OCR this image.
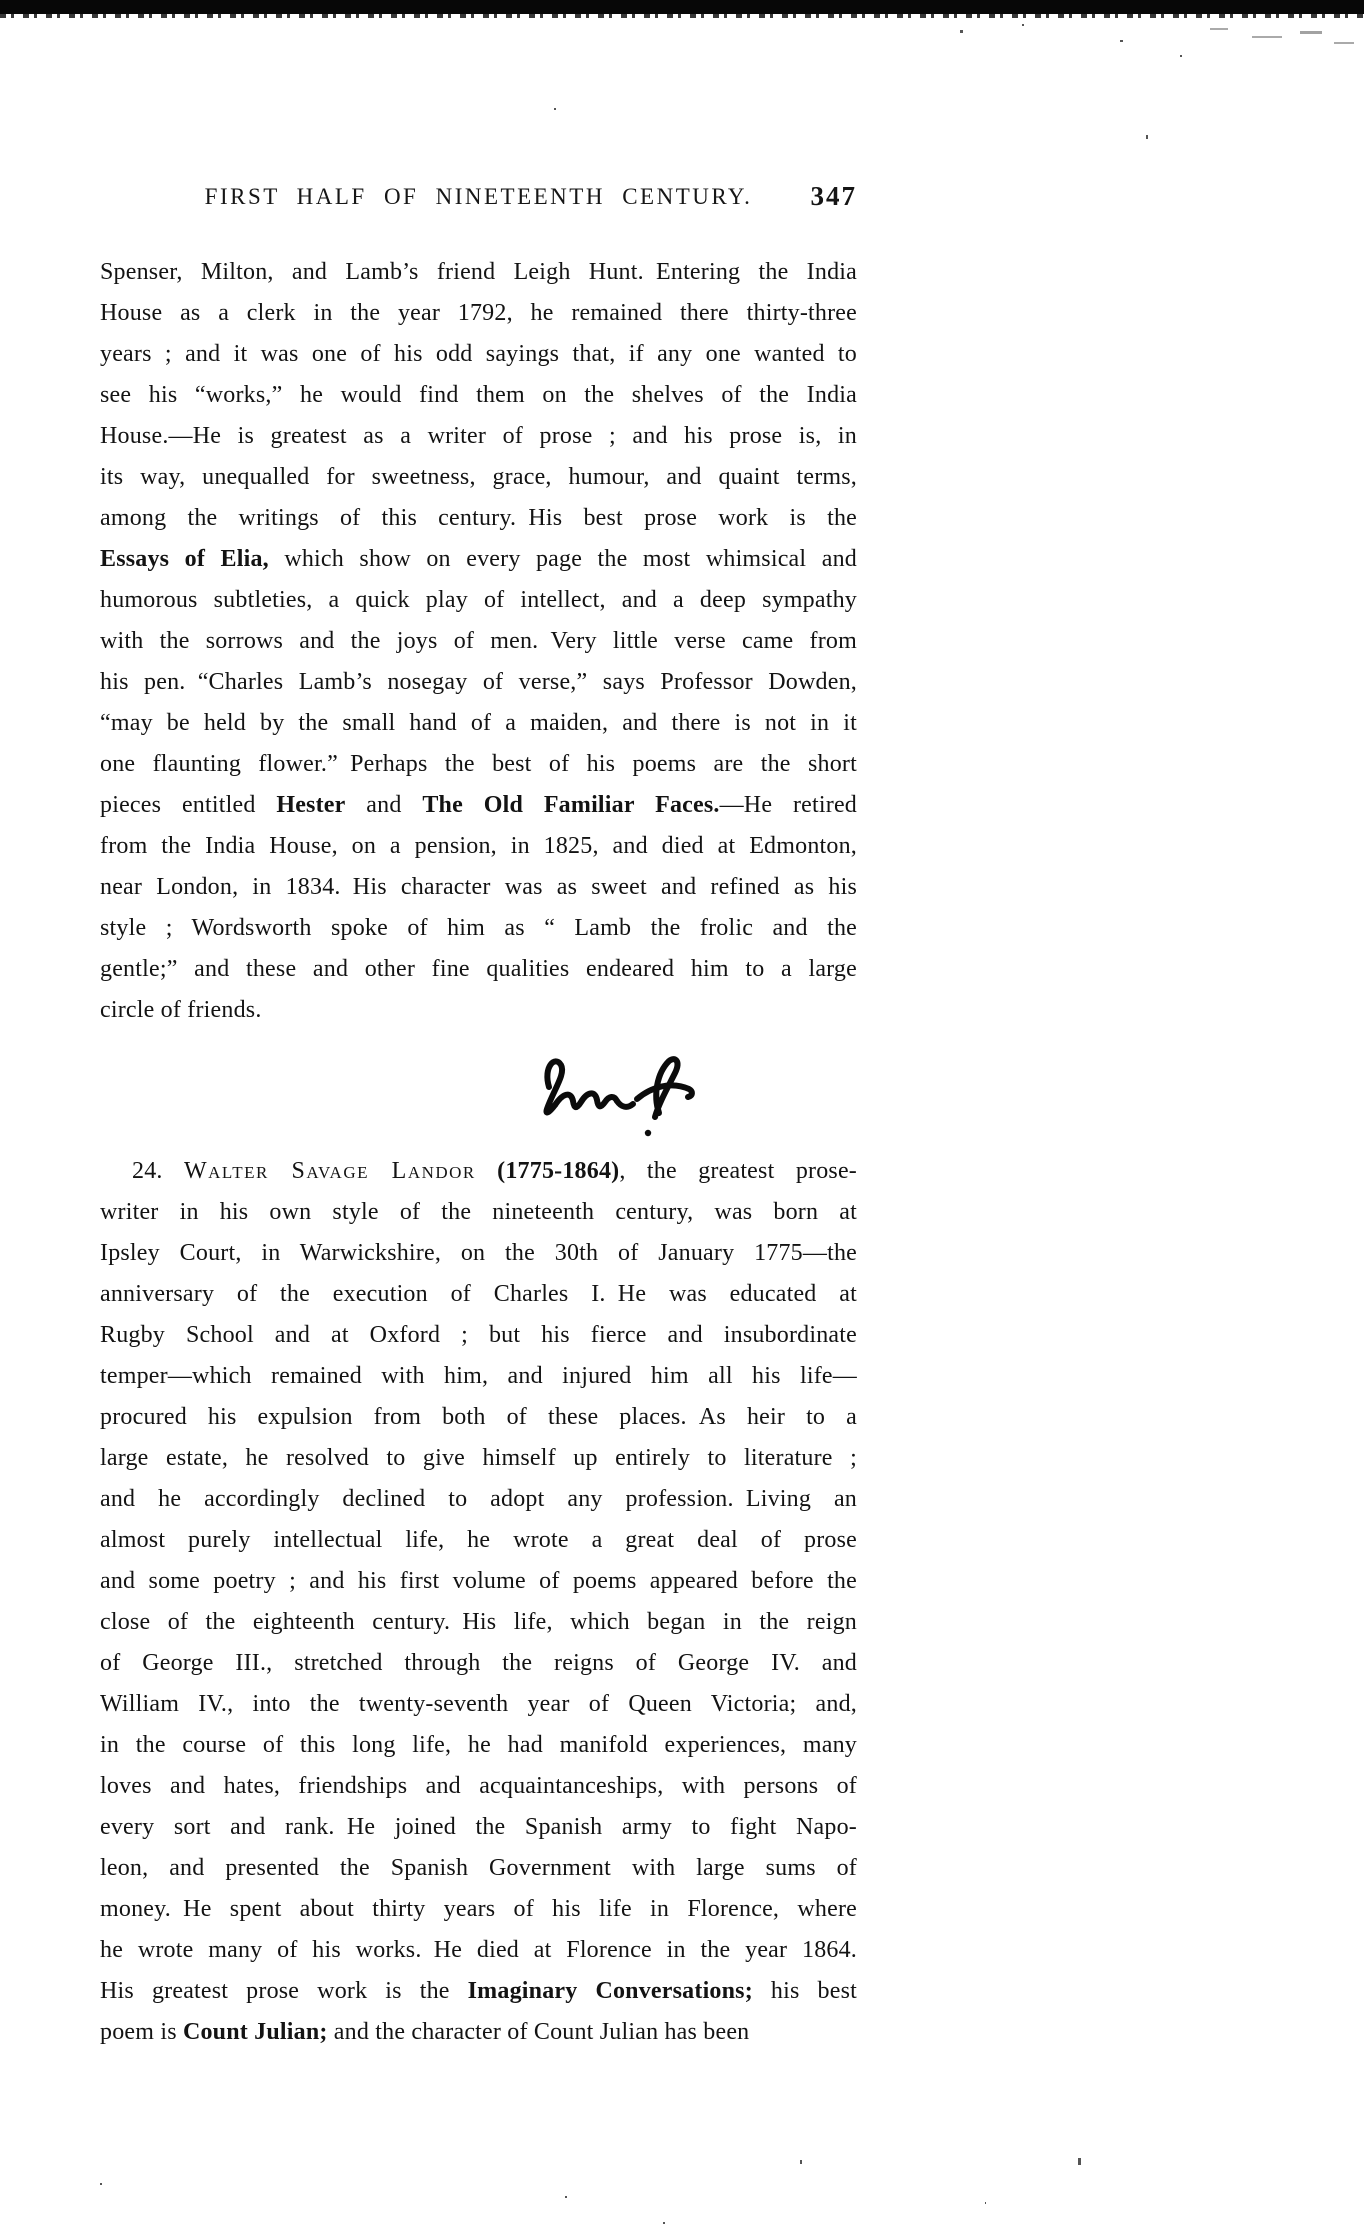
FIRST HALF OF NINETEENTH CENTURY. 347
Spenser, Milton, and Lamb’s friend Leigh Hunt. Entering the India
House as a clerk in the year 1792, he remained there thirty-three
years ; and it was one of his odd sayings that, if any one wanted to
see his “works,” he would find them on the shelves of the India
House.—He is greatest as a writer of prose ; and his prose is, in
its way, unequalled for sweetness, grace, humour, and quaint terms,
among the writings of this century. His best prose work is the
Essays of Elia, which show on every page the most whimsical and
humorous subtleties, a quick play of intellect, and a deep sympathy
with the sorrows and the joys of men. Very little verse came from
his pen. “Charles Lamb’s nosegay of verse,” says Professor Dowden,
“may be held by the small hand of a maiden, and there is not in it
one flaunting flower.” Perhaps the best of his poems are the short
pieces entitled Hester and The Old Familiar Faces.—He retired
from the India House, on a pension, in 1825, and died at Edmonton,
near London, in 1834. His character was as sweet and refined as his
style ; Wordsworth spoke of him as “ Lamb the frolic and the
gentle;” and these and other fine qualities endeared him to a large
circle of friends.
24. Walter Savage Landor (1775-1864), the greatest prose-
writer in his own style of the nineteenth century, was born at
Ipsley Court, in Warwickshire, on the 30th of January 1775—the
anniversary of the execution of Charles I. He was educated at
Rugby School and at Oxford ; but his fierce and insubordinate
temper—which remained with him, and injured him all his life—
procured his expulsion from both of these places. As heir to a
large estate, he resolved to give himself up entirely to literature ;
and he accordingly declined to adopt any profession. Living an
almost purely intellectual life, he wrote a great deal of prose
and some poetry ; and his first volume of poems appeared before the
close of the eighteenth century. His life, which began in the reign
of George III., stretched through the reigns of George IV. and
William IV., into the twenty-seventh year of Queen Victoria; and,
in the course of this long life, he had manifold experiences, many
loves and hates, friendships and acquaintanceships, with persons of
every sort and rank. He joined the Spanish army to fight Napo-
leon, and presented the Spanish Government with large sums of
money. He spent about thirty years of his life in Florence, where
he wrote many of his works. He died at Florence in the year 1864.
His greatest prose work is the Imaginary Conversations; his best
poem is Count Julian; and the character of Count Julian has been
